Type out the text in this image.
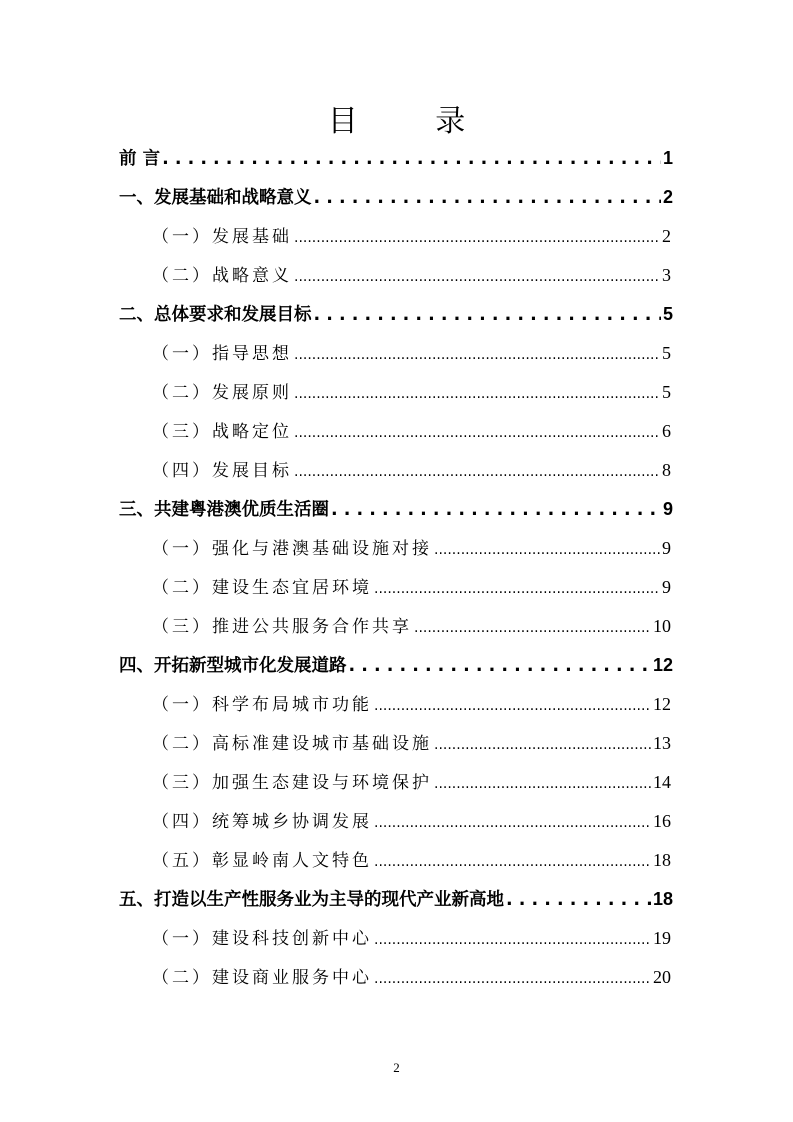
目 录
前 言 . . .	1
一、发展基础和战略意义 . . .	2
（一）发展基础 .....	2
（二）战略意义 .....	3
二、总体要求和发展目标 . . .	5
（一）指导思想 .....	5
（二）发展原则 .....	5
（三）战略定位 .....	6
（四）发展目标 .....	8
三、共建粤港澳优质生活圈 . . .	9
（一）强化与港澳基础设施对接 .....	9
（二）建设生态宜居环境 .....	9
（三）推进公共服务合作共享 .....	10
四、开拓新型城市化发展道路 . . .	12
（一）科学布局城市功能 .....	12
（二）高标准建设城市基础设施 .....	13
（三）加强生态建设与环境保护 .....	14
（四）统筹城乡协调发展 .....	16
（五）彰显岭南人文特色 .....	18
五、打造以生产性服务业为主导的现代产业新高地 . . .	18
（一）建设科技创新中心 .....	19
（二）建设商业服务中心 .....	20
2
